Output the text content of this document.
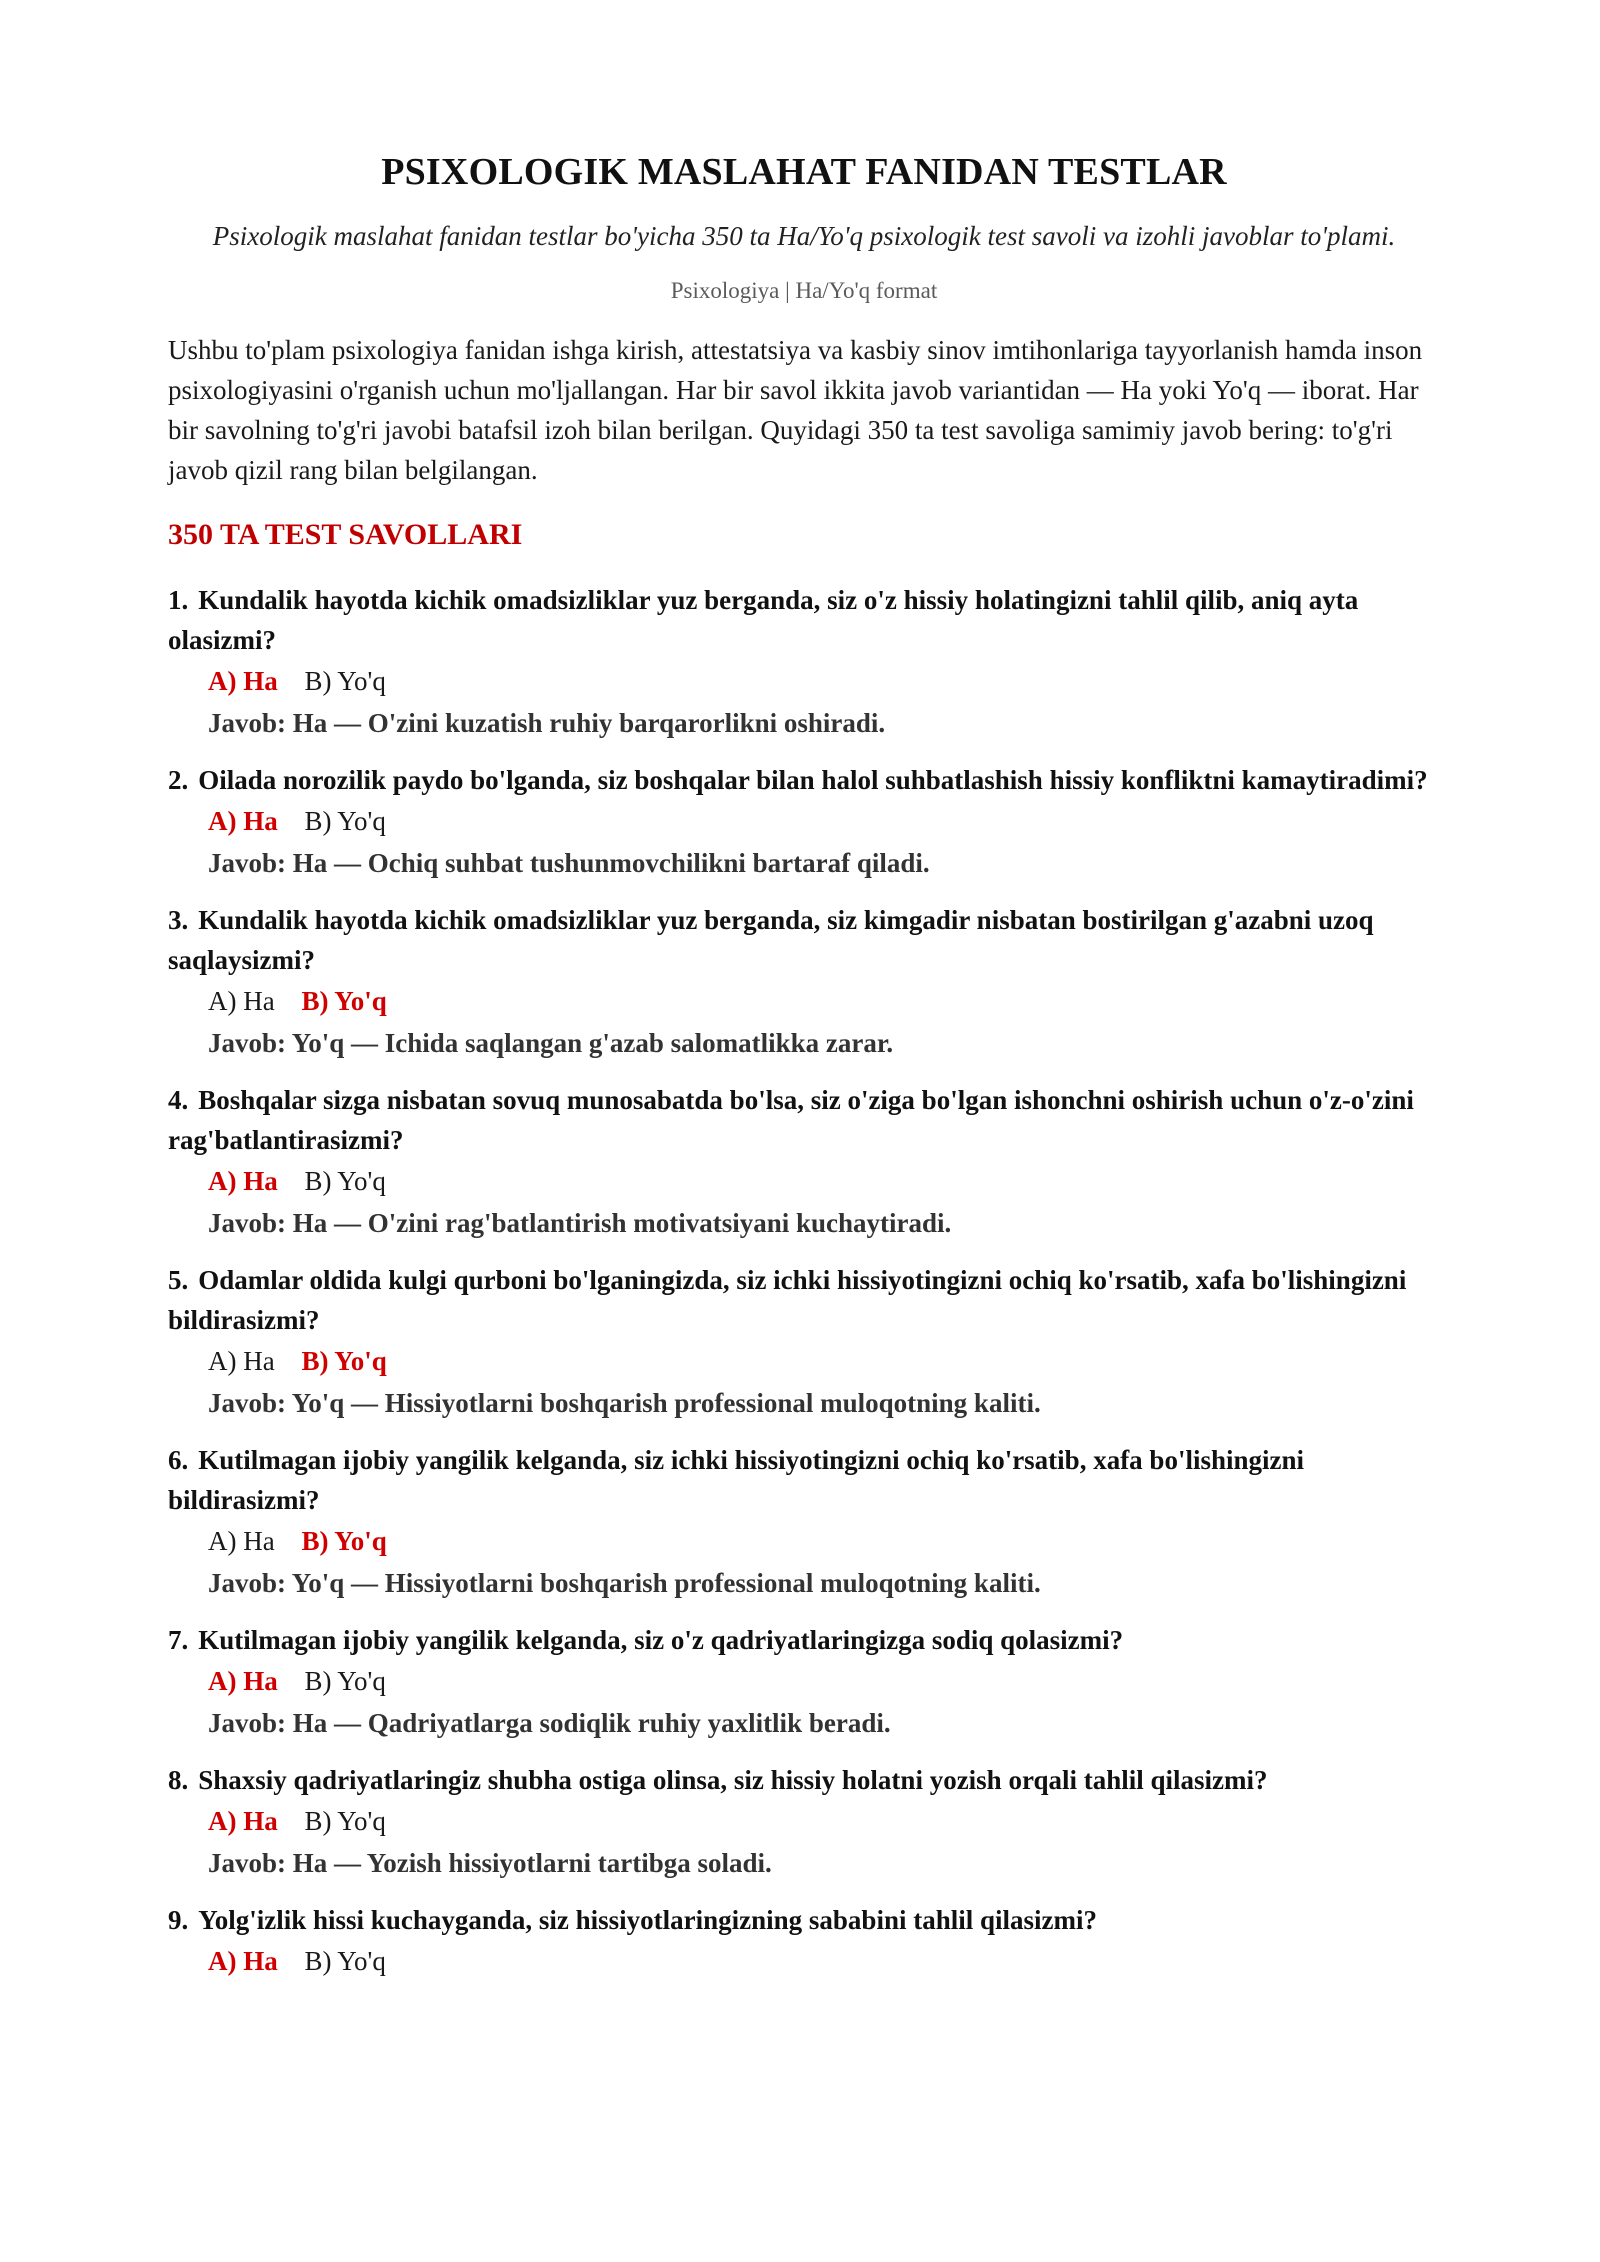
PSIXOLOGIK MASLAHAT FANIDAN TESTLAR
Psixologik maslahat fanidan testlar bo'yicha 350 ta Ha/Yo'q psixologik test savoli va izohli javoblar to'plami.
Psixologiya | Ha/Yo'q format

Ushbu to'plam psixologiya fanidan ishga kirish, attestatsiya va kasbiy sinov imtihonlariga tayyorlanish hamda inson psixologiyasini o'rganish uchun mo'ljallangan. Har bir savol ikkita javob variantidan — Ha yoki Yo'q — iborat. Har bir savolning to'g'ri javobi batafsil izoh bilan berilgan. Quyidagi 350 ta test savoliga samimiy javob bering: to'g'ri javob qizil rang bilan belgilangan.

350 TA TEST SAVOLLARI
1. Kundalik hayotda kichik omadsizliklar yuz berganda, siz o'z hissiy holatingizni tahlil qilib, aniq ayta olasizmi?
A) Ha B) Yo'q
Javob: Ha — O'zini kuzatish ruhiy barqarorlikni oshiradi.
2. Oilada norozilik paydo bo'lganda, siz boshqalar bilan halol suhbatlashish hissiy konfliktni kamaytiradimi?
A) Ha B) Yo'q
Javob: Ha — Ochiq suhbat tushunmovchilikni bartaraf qiladi.
3. Kundalik hayotda kichik omadsizliklar yuz berganda, siz kimgadir nisbatan bostirilgan g'azabni uzoq saqlaysizmi?
A) Ha B) Yo'q
Javob: Yo'q — Ichida saqlangan g'azab salomatlikka zarar.
4. Boshqalar sizga nisbatan sovuq munosabatda bo'lsa, siz o'ziga bo'lgan ishonchni oshirish uchun o'z-o'zini rag'batlantirasizmi?
A) Ha B) Yo'q
Javob: Ha — O'zini rag'batlantirish motivatsiyani kuchaytiradi.
5. Odamlar oldida kulgi qurboni bo'lganingizda, siz ichki hissiyotingizni ochiq ko'rsatib, xafa bo'lishingizni bildirasizmi?
A) Ha B) Yo'q
Javob: Yo'q — Hissiyotlarni boshqarish professional muloqotning kaliti.
6. Kutilmagan ijobiy yangilik kelganda, siz ichki hissiyotingizni ochiq ko'rsatib, xafa bo'lishingizni bildirasizmi?
A) Ha B) Yo'q
Javob: Yo'q — Hissiyotlarni boshqarish professional muloqotning kaliti.
7. Kutilmagan ijobiy yangilik kelganda, siz o'z qadriyatlaringizga sodiq qolasizmi?
A) Ha B) Yo'q
Javob: Ha — Qadriyatlarga sodiqlik ruhiy yaxlitlik beradi.
8. Shaxsiy qadriyatlaringiz shubha ostiga olinsa, siz hissiy holatni yozish orqali tahlil qilasizmi?
A) Ha B) Yo'q
Javob: Ha — Yozish hissiyotlarni tartibga soladi.
9. Yolg'izlik hissi kuchayganda, siz hissiyotlaringizning sababini tahlil qilasizmi?
A) Ha B) Yo'q
